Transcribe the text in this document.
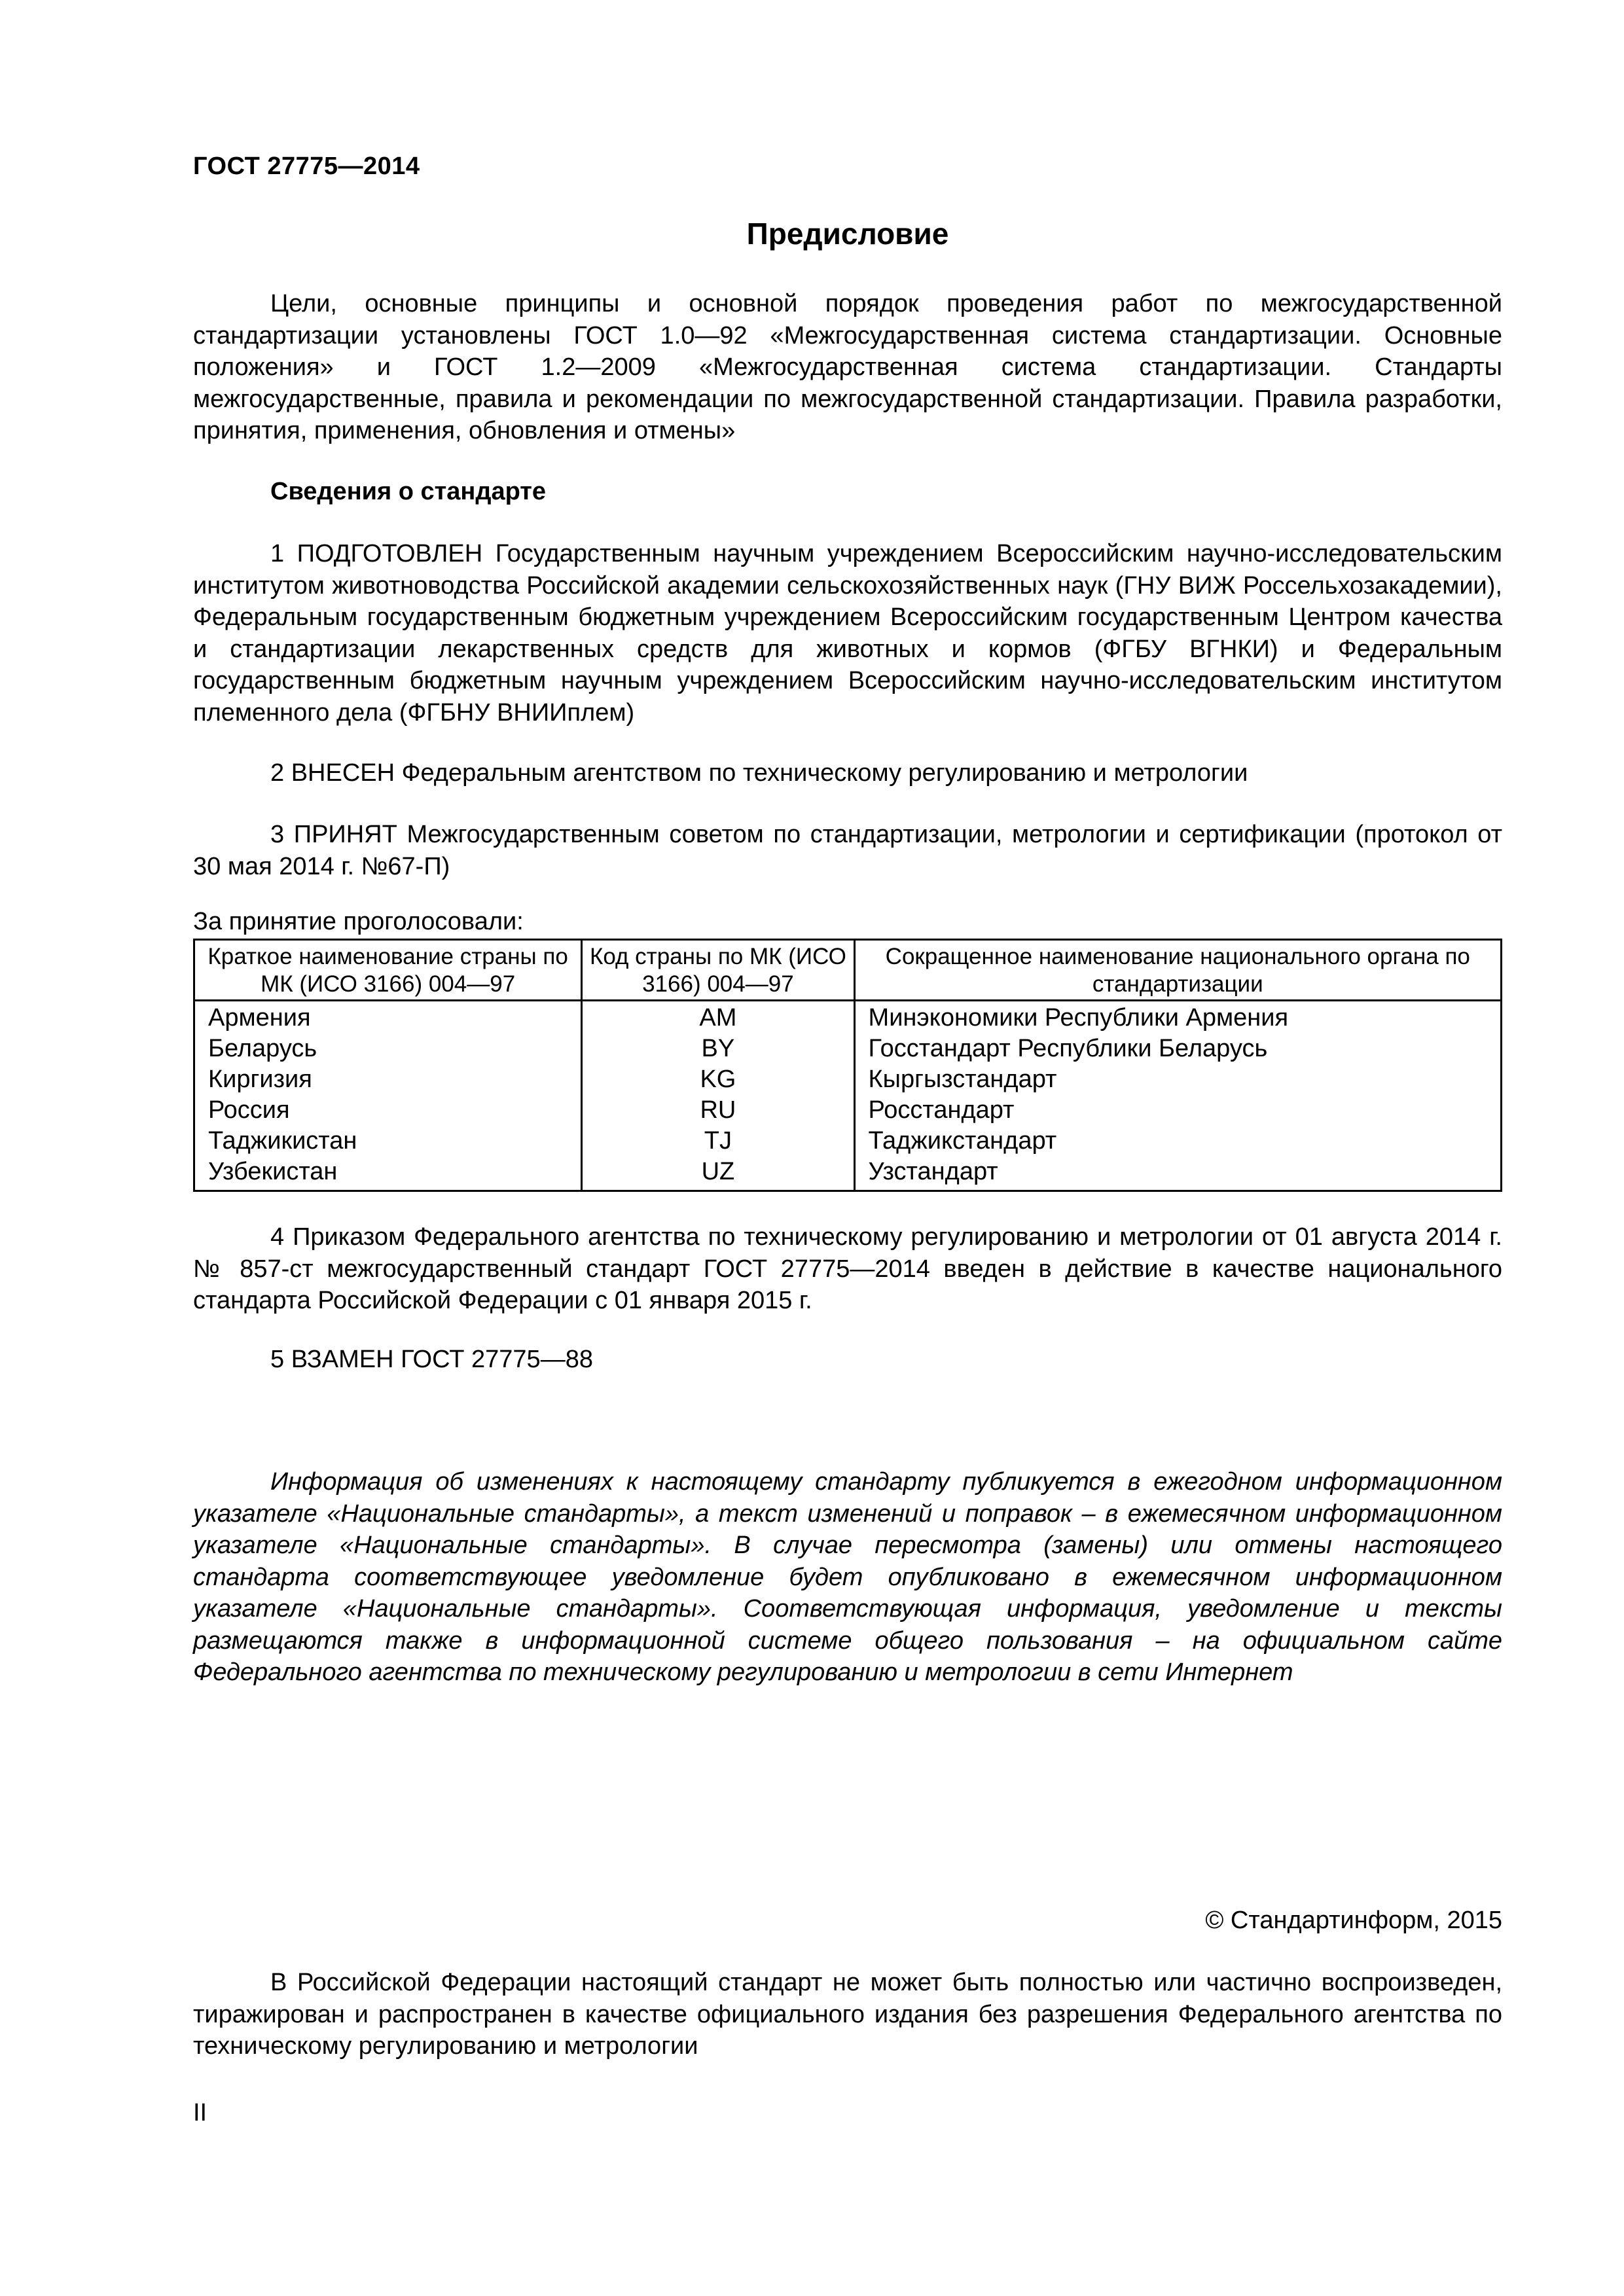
ГОСТ 27775—2014
Предисловие

Цели, основные принципы и основной порядок проведения работ по межгосударственной стандартизации установлены ГОСТ 1.0—92 «Межгосударственная система стандартизации. Основные положения» и ГОСТ 1.2—2009 «Межгосударственная система стандартизации. Стандарты межгосударственные, правила и рекомендации по межгосударственной стандартизации. Правила разработки, принятия, применения, обновления и отмены»

Сведения о стандарте

1 ПОДГОТОВЛЕН Государственным научным учреждением Всероссийским научно-исследовательским институтом животноводства Российской академии сельскохозяйственных наук (ГНУ ВИЖ Россельхозакадемии), Федеральным государственным бюджетным учреждением Всероссийским государственным Центром качества и стандартизации лекарственных средств для животных и кормов (ФГБУ ВГНКИ) и Федеральным государственным бюджетным научным учреждением Всероссийским научно-исследовательским институтом племенного дела (ФГБНУ ВНИИплем)

2 ВНЕСЕН Федеральным агентством по техническому регулированию и метрологии

3 ПРИНЯТ Межгосударственным советом по стандартизации, метрологии и сертификации (протокол от 30 мая 2014 г. №67-П)

За принятие проголосовали:
Краткое наименование страны по МК (ИСО 3166) 004—97	Код страны по МК (ИСО 3166) 004—97	Сокращенное наименование национального органа по стандартизации
Армения	AM	Минэкономики Республики Армения
Беларусь	BY	Госстандарт Республики Беларусь
Киргизия	KG	Кыргызстандарт
Россия	RU	Росстандарт
Таджикистан	TJ	Таджикстандарт
Узбекистан	UZ	Узстандарт

4 Приказом Федерального агентства по техническому регулированию и метрологии от 01 августа 2014 г. № 857-ст межгосударственный стандарт ГОСТ 27775—2014 введен в действие в качестве национального стандарта Российской Федерации с 01 января 2015 г.

5 ВЗАМЕН ГОСТ 27775—88

Информация об изменениях к настоящему стандарту публикуется в ежегодном информационном указателе «Национальные стандарты», а текст изменений и поправок – в ежемесячном информационном указателе «Национальные стандарты». В случае пересмотра (замены) или отмены настоящего стандарта соответствующее уведомление будет опубликовано в ежемесячном информационном указателе «Национальные стандарты». Соответствующая информация, уведомление и тексты размещаются также в информационной системе общего пользования – на официальном сайте Федерального агентства по техническому регулированию и метрологии в сети Интернет

© Стандартинформ, 2015

В Российской Федерации настоящий стандарт не может быть полностью или частично воспроизведен, тиражирован и распространен в качестве официального издания без разрешения Федерального агентства по техническому регулированию и метрологии

II
